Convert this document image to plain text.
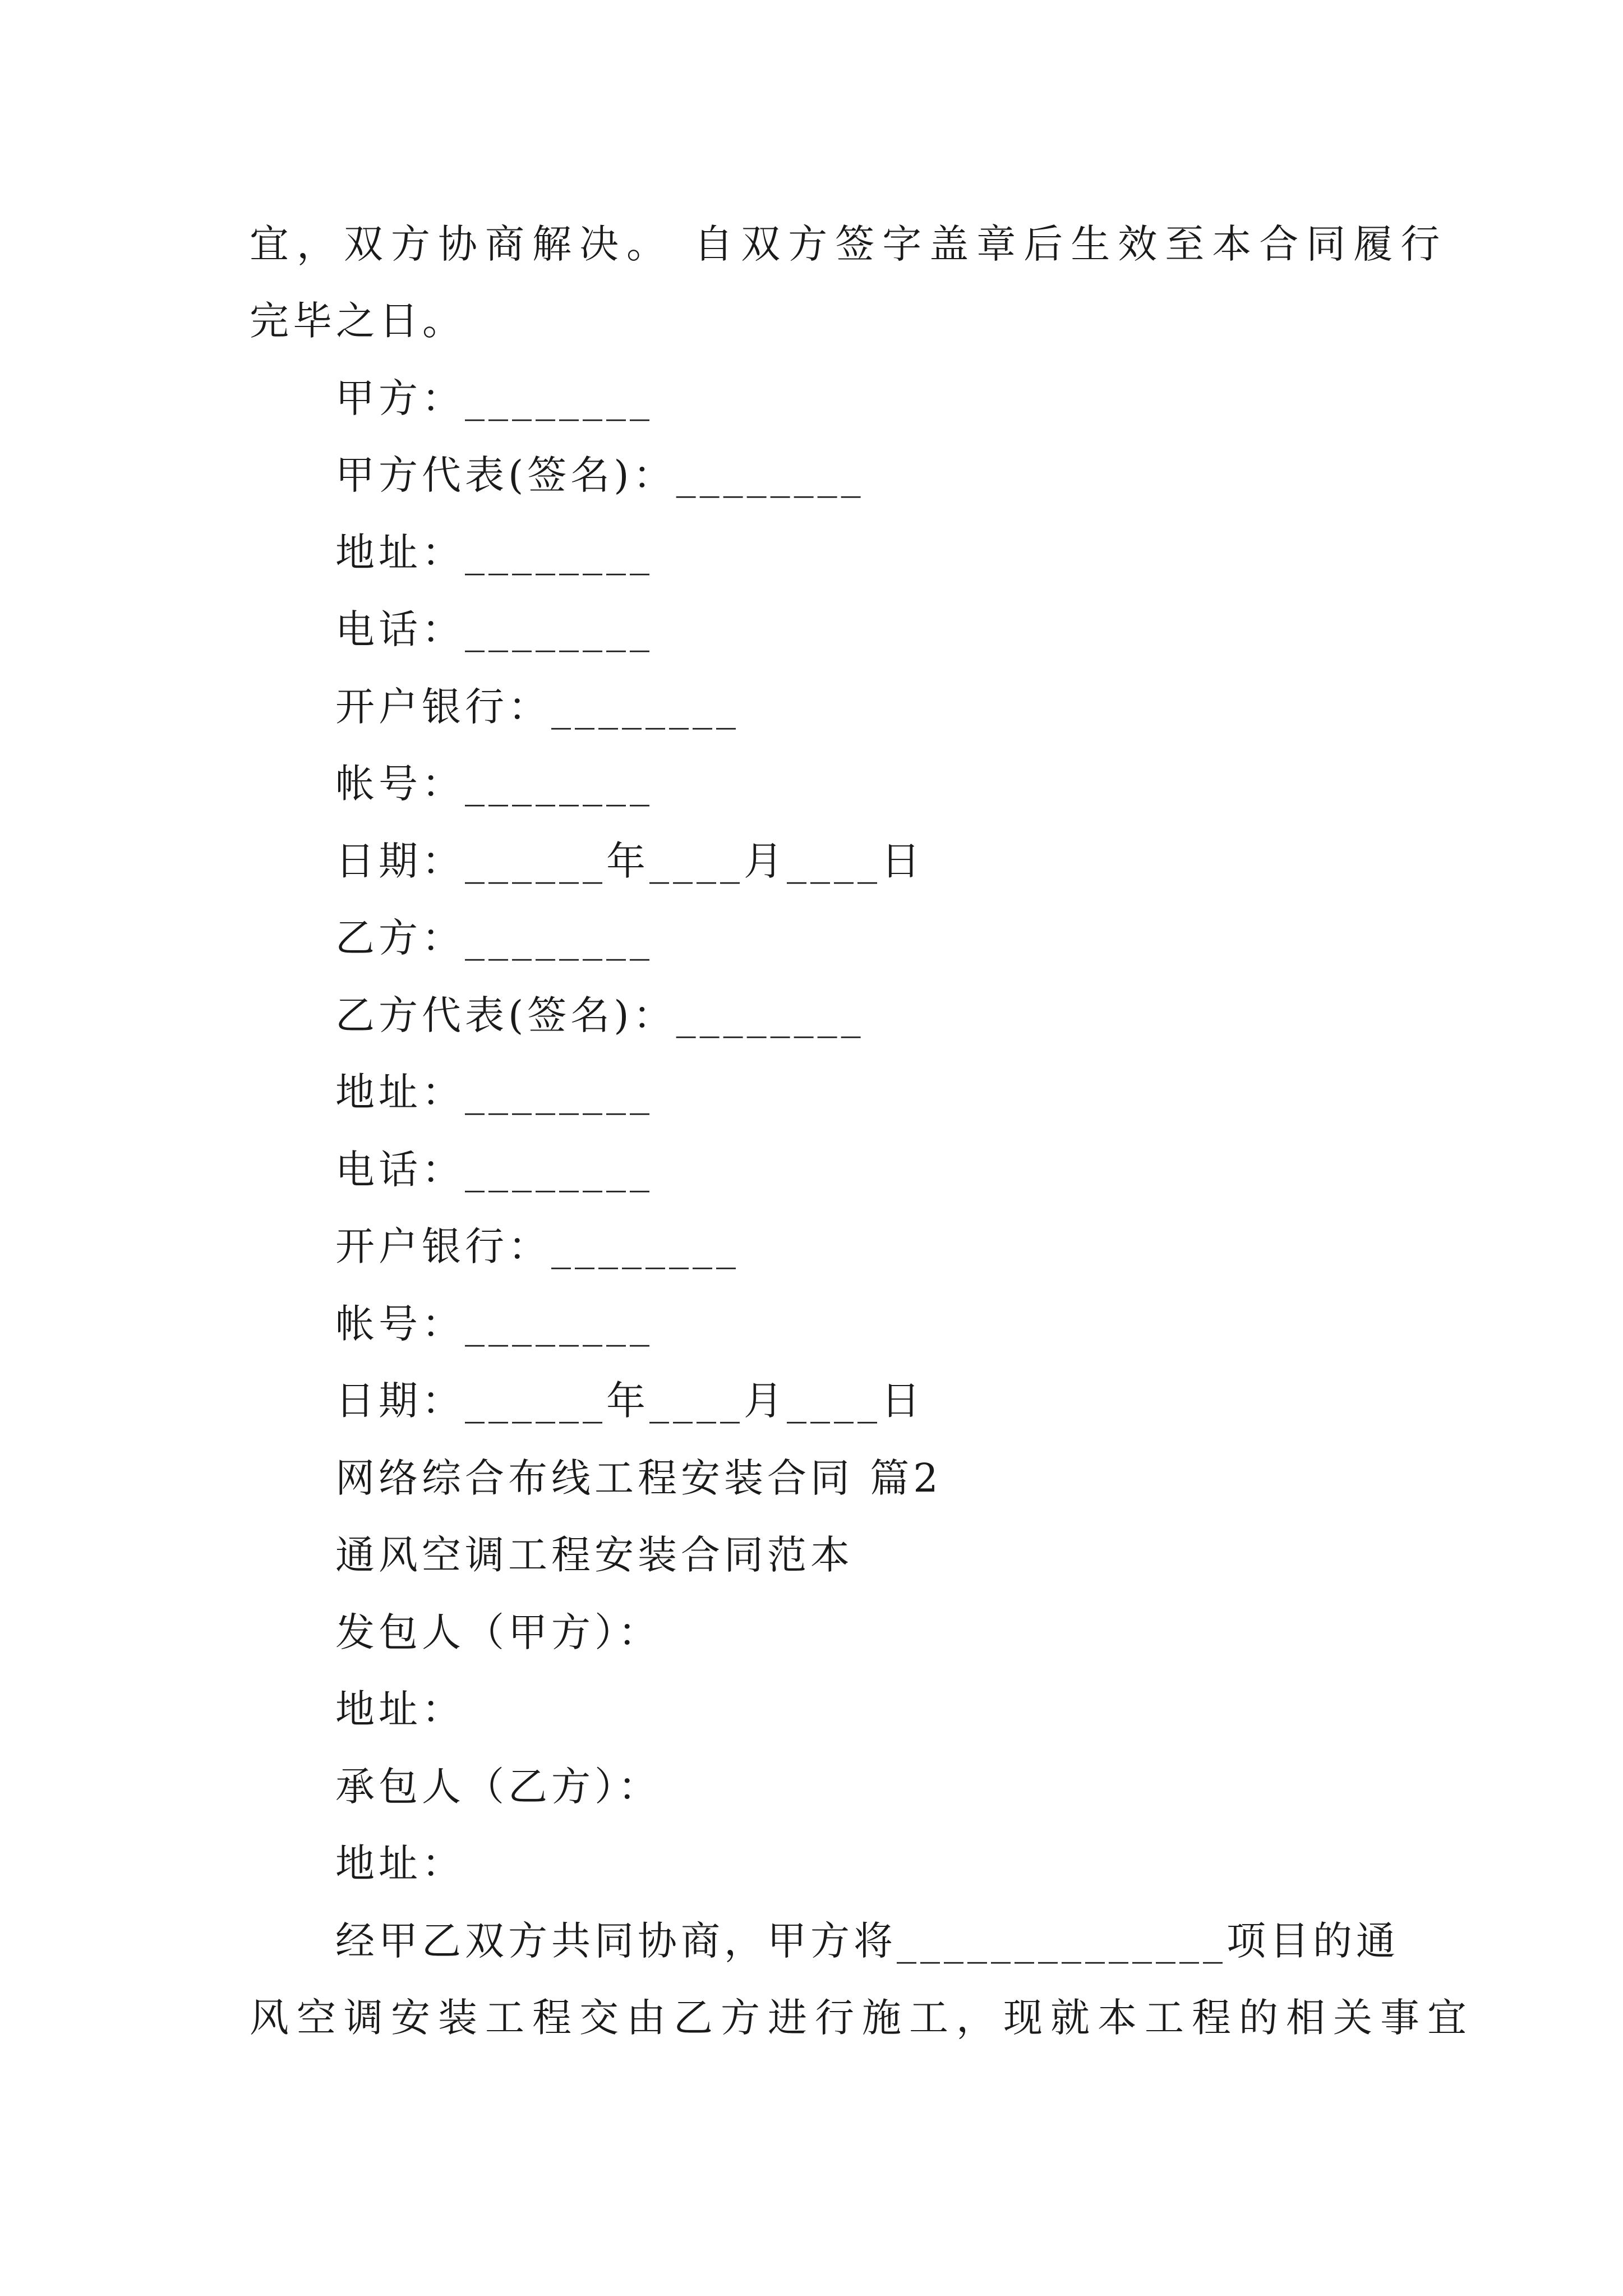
宜，双方协商解决。 自双方签字盖章后生效至本合同履行
完毕之日。
甲方：________
甲方代表(签名)：________
地址：________
电话：________
开户银行：________
帐号：________
日期：______年____月____日
乙方：________
乙方代表(签名)：________
地址：________
电话：________
开户银行：________
帐号：________
日期：______年____月____日
网络综合布线工程安装合同 篇2
通风空调工程安装合同范本
发包人（甲方）：
地址：
承包人（乙方）：
地址：
经甲乙双方共同协商，甲方将______________项目的通
风空调安装工程交由乙方进行施工，现就本工程的相关事宜
